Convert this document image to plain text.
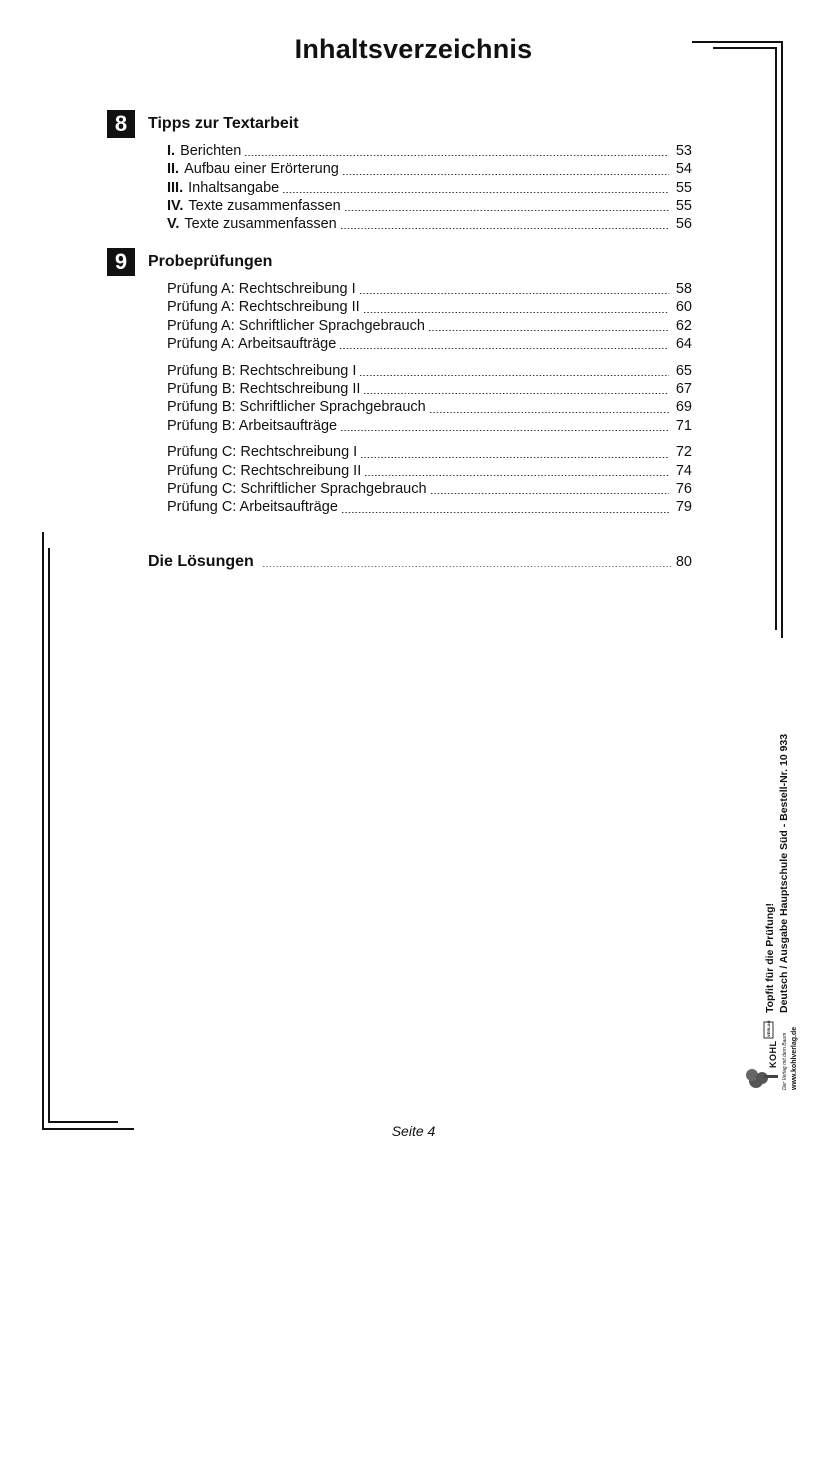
Inhaltsverzeichnis
8	Tipps zur Textarbeit
I. Berichten	53
II. Aufbau einer Erörterung	54
III. Inhaltsangabe	55
IV. Texte zusammenfassen	55
V. Texte zusammenfassen	56
9	Probeprüfungen
Prüfung A: Rechtschreibung I	58
Prüfung A: Rechtschreibung II	60
Prüfung A: Schriftlicher Sprachgebrauch	62
Prüfung A: Arbeitsaufträge	64
Prüfung B: Rechtschreibung I	65
Prüfung B: Rechtschreibung II	67
Prüfung B: Schriftlicher Sprachgebrauch	69
Prüfung B: Arbeitsaufträge	71
Prüfung C: Rechtschreibung I	72
Prüfung C: Rechtschreibung II	74
Prüfung C: Schriftlicher Sprachgebrauch	76
Prüfung C: Arbeitsaufträge	79
Die Lösungen	80
KOHL
VERLAG
Der Verlag mit dem Baum www.kohlverlag.de
Topfit für die Prüfung! Deutsch / Ausgabe Hauptschule Süd - Bestell-Nr. 10 933
Seite 4
